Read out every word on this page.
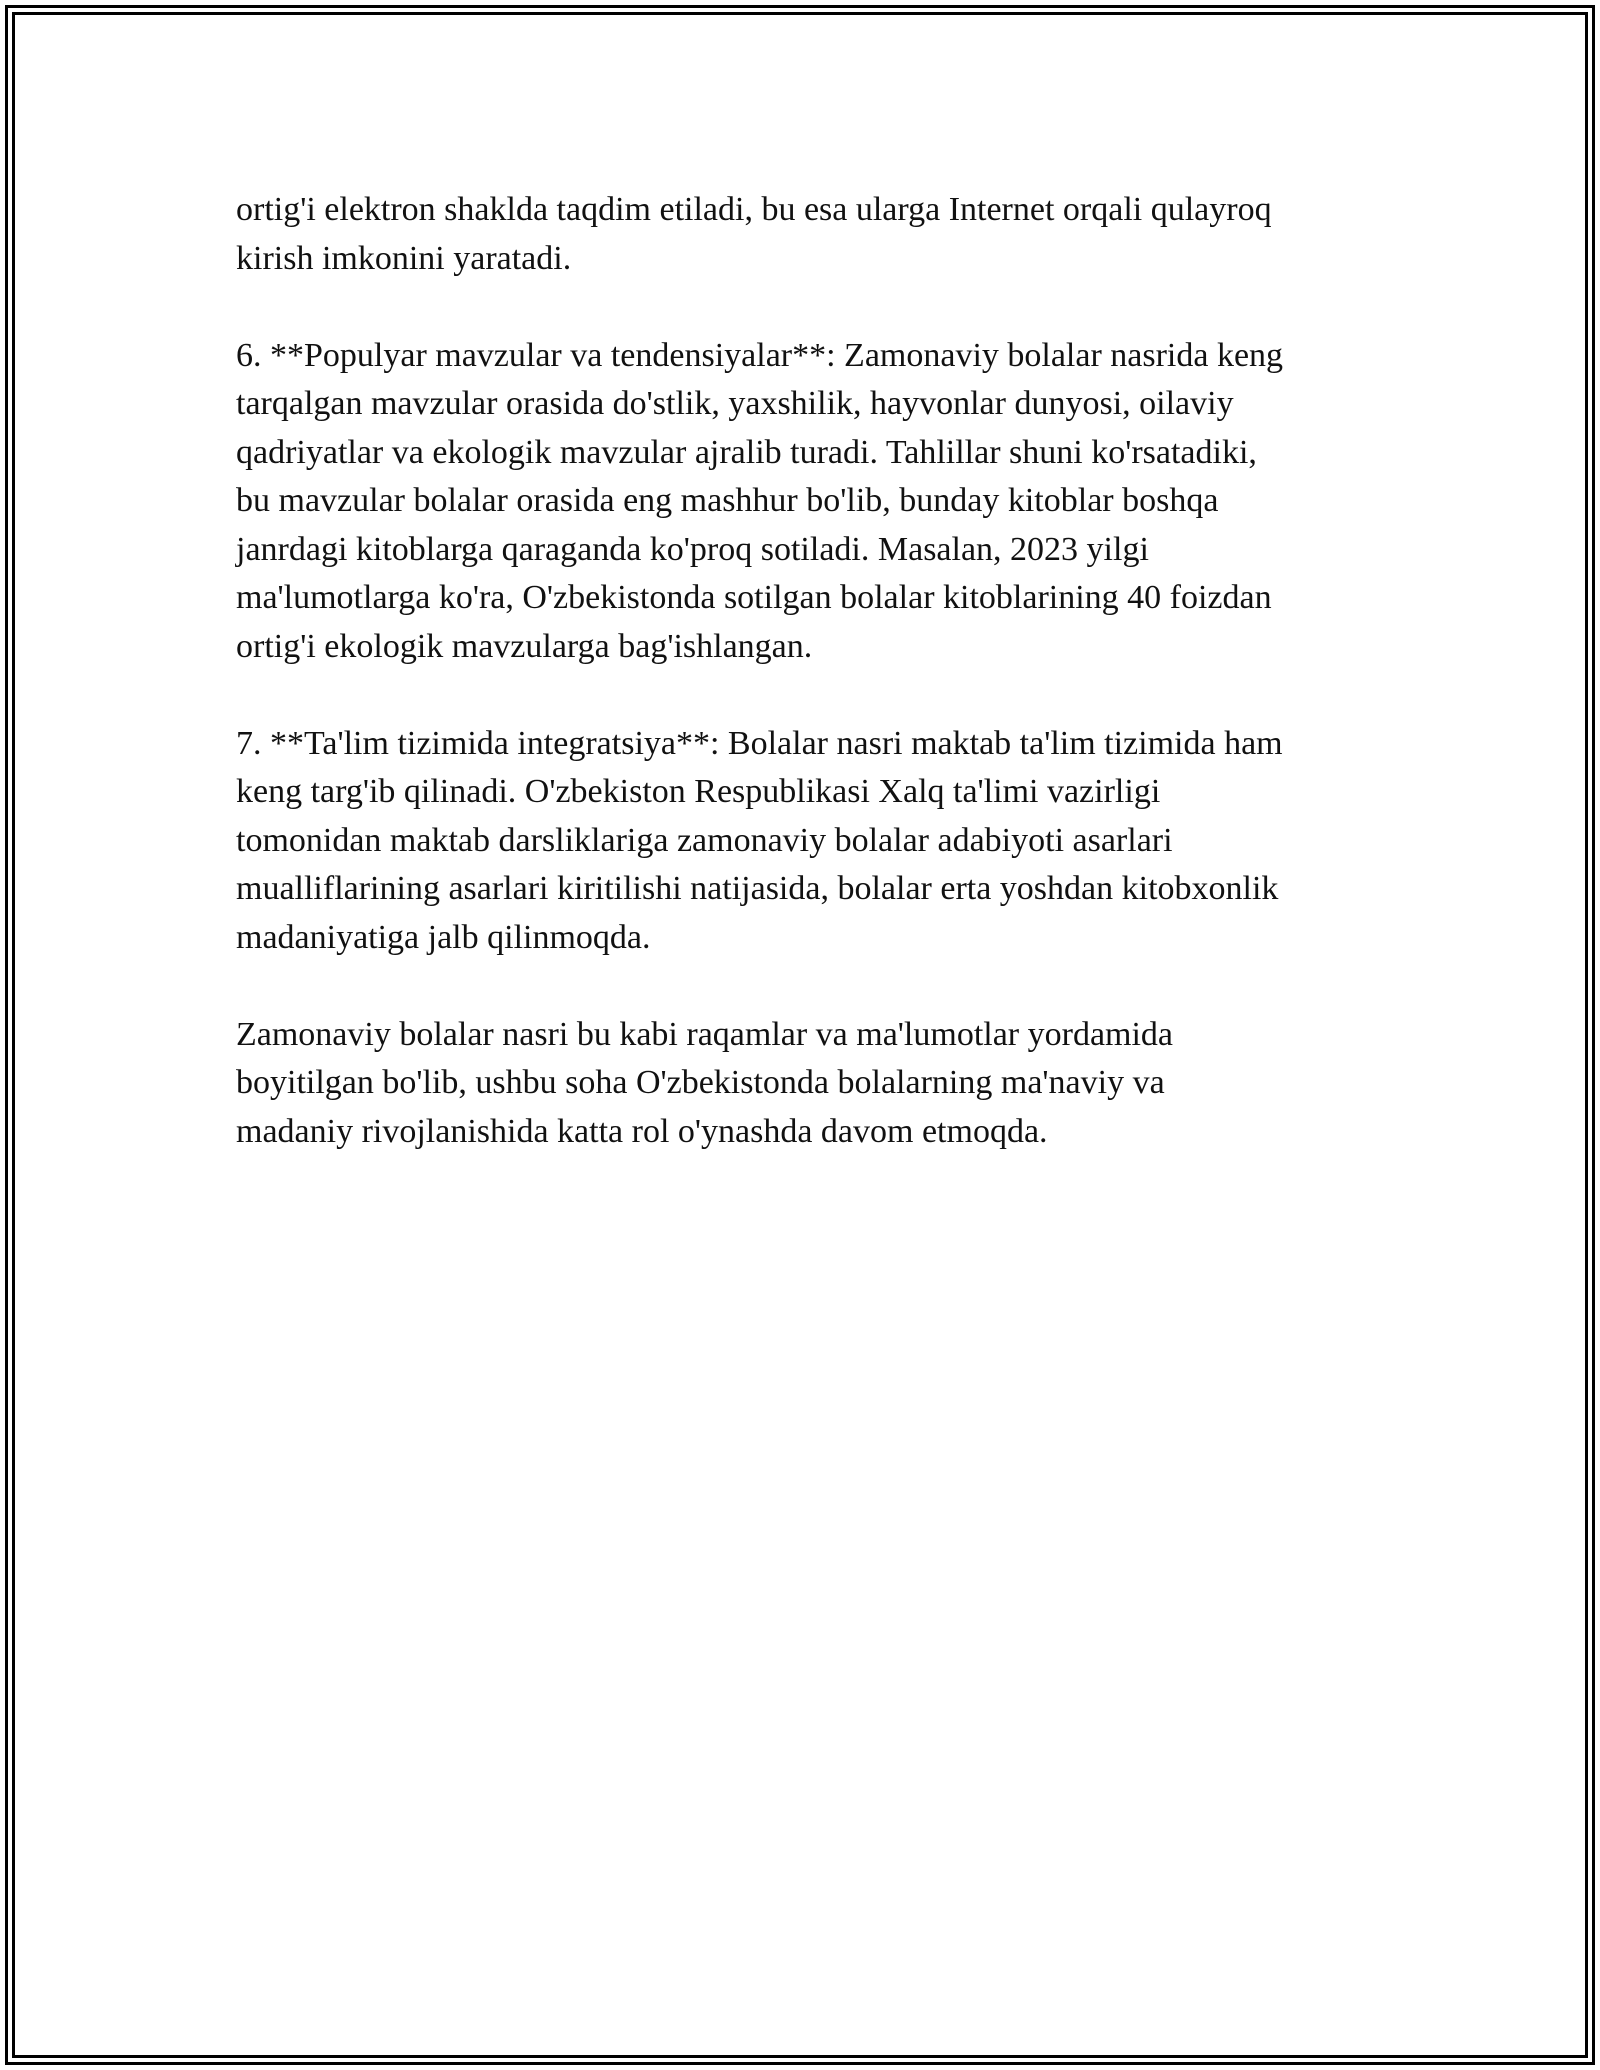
ortig'i elektron shaklda taqdim etiladi, bu esa ularga Internet orqali qulayroq
kirish imkonini yaratadi.
6. **Populyar mavzular va tendensiyalar**: Zamonaviy bolalar nasrida keng
tarqalgan mavzular orasida do'stlik, yaxshilik, hayvonlar dunyosi, oilaviy
qadriyatlar va ekologik mavzular ajralib turadi. Tahlillar shuni ko'rsatadiki,
bu mavzular bolalar orasida eng mashhur bo'lib, bunday kitoblar boshqa
janrdagi kitoblarga qaraganda ko'proq sotiladi. Masalan, 2023 yilgi
ma'lumotlarga ko'ra, O'zbekistonda sotilgan bolalar kitoblarining 40 foizdan
ortig'i ekologik mavzularga bag'ishlangan.
7. **Ta'lim tizimida integratsiya**: Bolalar nasri maktab ta'lim tizimida ham
keng targ'ib qilinadi. O'zbekiston Respublikasi Xalq ta'limi vazirligi
tomonidan maktab darsliklariga zamonaviy bolalar adabiyoti asarlari
mualliflarining asarlari kiritilishi natijasida, bolalar erta yoshdan kitobxonlik
madaniyatiga jalb qilinmoqda.
Zamonaviy bolalar nasri bu kabi raqamlar va ma'lumotlar yordamida
boyitilgan bo'lib, ushbu soha O'zbekistonda bolalarning ma'naviy va
madaniy rivojlanishida katta rol o'ynashda davom etmoqda.
